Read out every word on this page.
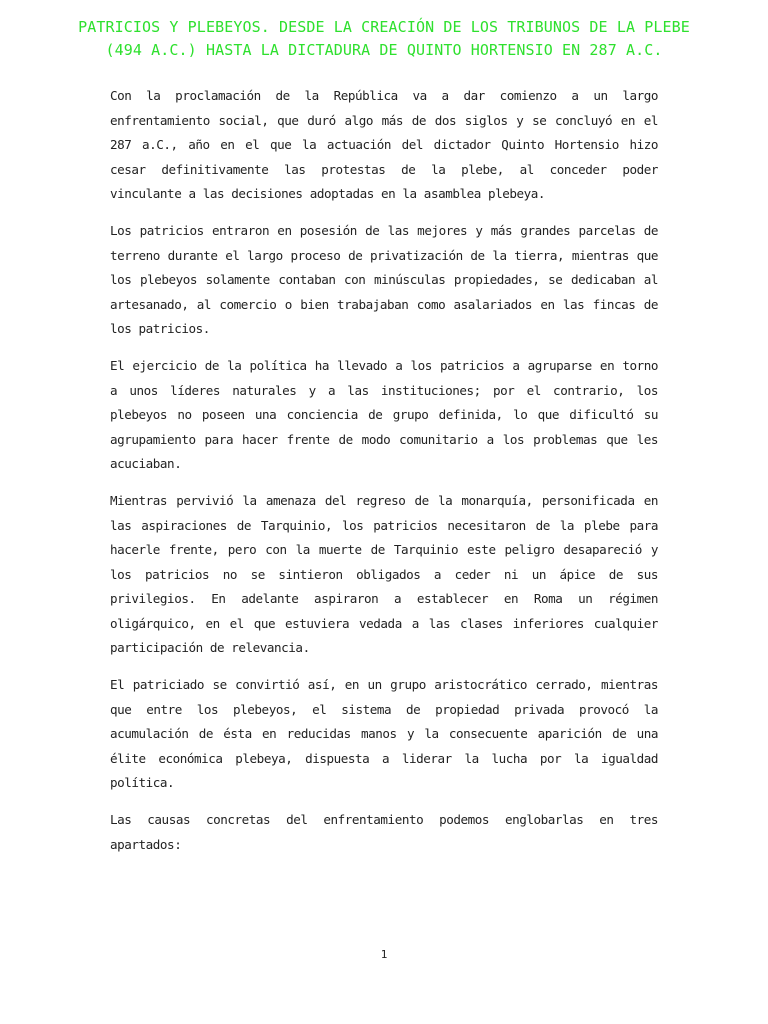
PATRICIOS Y PLEBEYOS. DESDE LA CREACIÓN DE LOS TRIBUNOS DE LA PLEBE (494 A.C.) HASTA LA DICTADURA DE QUINTO HORTENSIO EN 287 A.C.

Con la proclamación de la República va a dar comienzo a un largo enfrentamiento social, que duró algo más de dos siglos y se concluyó en el 287 a.C., año en el que la actuación del dictador Quinto Hortensio hizo cesar definitivamente las protestas de la plebe, al conceder poder vinculante a las decisiones adoptadas en la asamblea plebeya.

Los patricios entraron en posesión de las mejores y más grandes parcelas de terreno durante el largo proceso de privatización de la tierra, mientras que los plebeyos solamente contaban con minúsculas propiedades, se dedicaban al artesanado, al comercio o bien trabajaban como asalariados en las fincas de los patricios.

El ejercicio de la política ha llevado a los patricios a agruparse en torno a unos líderes naturales y a las instituciones; por el contrario, los plebeyos no poseen una conciencia de grupo definida, lo que dificultó su agrupamiento para hacer frente de modo comunitario a los problemas que les acuciaban.

Mientras pervivió la amenaza del regreso de la monarquía, personificada en las aspiraciones de Tarquinio, los patricios necesitaron de la plebe para hacerle frente, pero con la muerte de Tarquinio este peligro desapareció y los patricios no se sintieron obligados a ceder ni un ápice de sus privilegios. En adelante aspiraron a establecer en Roma un régimen oligárquico, en el que estuviera vedada a las clases inferiores cualquier participación de relevancia.

El patriciado se convirtió así, en un grupo aristocrático cerrado, mientras que entre los plebeyos, el sistema de propiedad privada provocó la acumulación de ésta en reducidas manos y la consecuente aparición de una élite económica plebeya, dispuesta a liderar la lucha por la igualdad política.

Las causas concretas del enfrentamiento podemos englobarlas en tres apartados:

1
